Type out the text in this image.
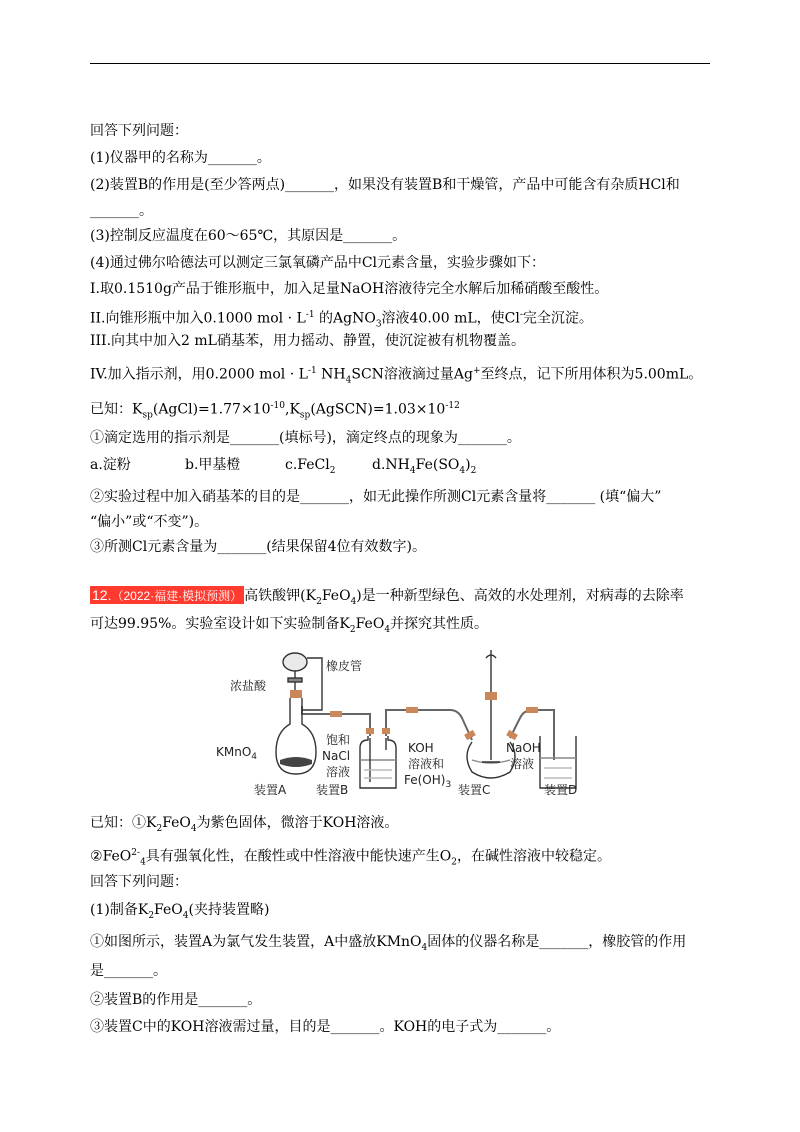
回答下列问题：
(1)仪器甲的名称为_______。
(2)装置B的作用是(至少答两点)_______，如果没有装置B和干燥管，产品中可能含有杂质HCl和
_______。
(3)控制反应温度在60～65℃，其原因是_______。
(4)通过佛尔哈德法可以测定三氯氧磷产品中Cl元素含量，实验步骤如下：
I.取0.1510g产品于锥形瓶中，加入足量NaOH溶液待完全水解后加稀硝酸至酸性。
II.向锥形瓶中加入0.1000 mol · $L^{-1}$ 的AgNO$_3$溶液40.00 mL，使Cl-完全沉淀。
III.向其中加入2 mL硝基苯，用力摇动、静置，使沉淀被有机物覆盖。
IV.加入指示剂，用0.2000 mol · $L^{-1}$ $NH_4SCN$溶液滴过量Ag+至终点，记下所用体积为5.00mL。
已知：$K_{sp}(AgCl)=1.77\times 10^{-10},K_{sp}(AgSCN)=1.03\times 10^{-12}$
①滴定选用的指示剂是_______(填标号)，滴定终点的现象为_______。
a.淀粉	b.甲基橙	c.FeCl$_2$	$d.NH_4Fe(SO_4)_2$
②实验过程中加入硝基苯的目的是_______，如无此操作所测Cl元素含量将_______ (填“偏大”
“偏小”或“不变”)。
③所测Cl元素含量为_______(结果保留4位有效数字)。
12.（2022·福建·模拟预测） 高铁酸钾$(K_2FeO_4)$是一种新型绿色、高效的水处理剂，对病毒的去除率
可达99.95%。实验室设计如下实验制备$K_2FeO_4$并探究其性质。
浓盐酸
橡皮管
KMnO$_4$
饱和
NaCl
溶液
KOH
溶液和
$Fe(OH)_3$
NaOH
溶液
装置A 装置B	装置C	装置D
已知：$①K_2FeO_4$为紫色固体，微溶于KOH溶液。
②FeO$^{2-}_4$具有强氧化性，在酸性或中性溶液中能快速产生$O_2$，在碱性溶液中较稳定。
回答下列问题：
(1)制备$K_2FeO_4$(夹持装置略)
①如图所示，装置A为氯气发生装置，A中盛放KMnO$_4$固体的仪器名称是_______，橡胶管的作用
是_______。
②装置B的作用是_______。
③装置C中的KOH溶液需过量，目的是_______。KOH的电子式为_______。
